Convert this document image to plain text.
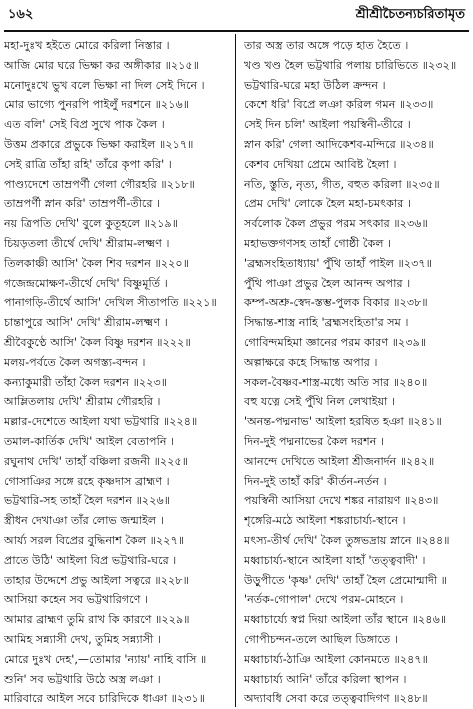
১৬২	শ্রীশ্রীচৈতন্যচরিতামৃত
মহা-দুঃখ হইতে মোরে করিলা নিস্তার ।
আজি মোর ঘরে ভিক্ষা কর অঙ্গীকার ॥২১৫॥
মনোদুঃখে ভুখ বলে ভিক্ষা না দিল সেই দিনে ।
মোর ভাগ্যে পুনরপি পাইলুঁ দরশনে ॥২১৬॥
এত বলি' সেই বিপ্র সুখে পাক কৈল ।
উত্তম প্রকারে প্রভুকে ভিক্ষা করাইল ॥২১৭॥
সেই রাত্রি তাঁহা রহি' তাঁরে কৃপা করি' ।
পাণ্ড্যদেশে তাম্রপর্ণী গেলা গৌরহরি ॥২১৮॥
তাম্রপর্ণী স্নান করি' তাম্রপর্ণী-তীরে ।
নয় ত্রিপতি দেখি' বুলে কুতূহলে ॥২১৯॥
চিয়ড়তলা তীর্থে দেখি' শ্রীরাম-লক্ষ্মণ ।
তিলকাঞ্চী আসি' কৈল শিব দরশন ॥২২০॥
গজেন্দ্রমোক্ষণ-তীর্থে দেখি' বিষ্ণুমূর্তি ।
পানাগড়ি-তীর্থে আসি' দেখিল সীতাপতি ॥২২১॥
চাম্তাপুরে আসি' দেখি' শ্রীরাম-লক্ষ্মণ ।
শ্রীবৈকুণ্ঠে আসি' কৈল বিষ্ণু দরশন ॥২২২॥
মলয়-পর্বতে কৈল অগস্ত্য-বন্দন ।
কন্যাকুমারী তাঁহা কৈল দরশন ॥২২৩॥
আম্লিতলায় দেখি' শ্রীরাম গৌরহরি ।
মল্লার-দেশেতে আইলা যথা ভট্টথারি ॥২২৪॥
তমাল-কার্তিক দেখি' আইল বেতাপনি ।
রঘুনাথ দেখি' তাহাঁ বঞ্চিলা রজনী ॥২২৫॥
গোসাঞির সঙ্গে রহে কৃষ্ণদাস ব্রাহ্মণ ।
ভট্টথারি-সহ তাহাঁ হৈল দরশন ॥২২৬॥
স্ত্রীধন দেখাঞা তাঁর লোভ জন্মাইল ।
আর্য্য সরল বিপ্রের বুদ্ধিনাশ কৈল ॥২২৭॥
প্রাতে উঠি' আইলা বিপ্র ভট্টথারি-ঘরে ।
তাহার উদ্দেশে প্রভু আইলা সত্বরে ॥২২৮॥
আসিয়া কহেন সব ভট্টথারিগণে ।
আমার ব্রাহ্মণ তুমি রাখ কি কারণে ॥২২৯॥
আমিহ সন্ন্যাসী দেখ, তুমিহ সন্ন্যাসী ।
মোরে দুঃখ দেহ',—তোমার 'ন্যায়' নাহি বাসি ॥
শুনি' সব ভট্টথারি উঠে অস্ত্র লঞা ।
মারিবারে আইল সবে চারিদিকে ধাঞা ॥২৩১॥
তার অস্ত্র তার অঙ্গে পড়ে হাত হৈতে ।
খণ্ড খণ্ড হৈল ভট্টথারি পলায় চারিভিতে ॥২৩২॥
ভট্টথারি-ঘরে মহা উঠিল ক্রন্দন ।
কেশে ধরি' বিপ্রে লঞা করিল গমন ॥২৩৩॥
সেই দিন চলি' আইলা পয়স্বিনী-তীরে ।
স্নান করি' গেলা আদিকেশব-মন্দিরে ॥২৩৪॥
কেশব দেখিয়া প্রেমে আবিষ্ট হৈলা ।
নতি, স্তুতি, নৃত্য, গীত, বহুত করিলা ॥২৩৫॥
প্রেম দেখি' লোকে হৈল মহা-চমৎকার ।
সর্বলোক কৈল প্রভুর পরম সৎকার ॥২৩৬॥
মহাভক্তগণসহ তাহাঁ গোষ্ঠী কৈল ।
'ব্রহ্মসংহিতাধ্যায়' পুঁথি তাহাঁ পাইল ॥২৩৭॥
পুঁথি পাঞা প্রভুর হৈল আনন্দ অপার ।
কম্প-অশ্রু-স্বেদ-স্তম্ভ-পুলক বিকার ॥২৩৮॥
সিদ্ধান্ত-শাস্ত্র নাহি 'ব্রহ্মসংহিতা'র সম ।
গোবিন্দমহিমা জ্ঞানের পরম কারণ ॥২৩৯॥
অল্পাক্ষরে কহে সিদ্ধান্ত অপার ।
সকল-বৈষ্ণব-শাস্ত্র-মধ্যে অতি সার ॥২৪০॥
বহু যত্নে সেই পুঁথি নিল লেখাইয়া ।
'অনন্ত-পদ্মনাভ' আইলা হরষিত হঞা ॥২৪১॥
দিন-দুই পদ্মনাভের কৈল দরশন ।
আনন্দে দেখিতে আইলা শ্রীজনার্দন ॥২৪২॥
দিন-দুই তাহাঁ করি' কীর্তন-নর্তন ।
পয়স্বিনী আসিয়া দেখে শঙ্কর নারায়ণ ॥২৪৩॥
শৃঙ্গেরি-মঠে আইলা শঙ্করাচার্য্য-স্থানে ।
মৎস্য-তীর্থ দেখি' কৈল তুঙ্গভদ্রায় স্নানে ॥২৪৪॥
মধ্বাচার্য্য-স্থানে আইলা যাহাঁ 'তত্ত্ববাদী' ।
উড়ুপীতে 'কৃষ্ণ' দেখি' তাহাঁ হৈল প্রেমোন্মাদী ॥
'নর্তক-গোপাল' দেখে পরম-মোহনে ।
মধ্বাচার্য্যে স্বপ্ন দিয়া আইলা তাঁর স্থানে ॥২৪৬॥
গোপীচন্দন-তলে আছিল ডিঙ্গাতে ।
মধ্বাচার্য্য-ঠাঞি আইলা কোনমতে ॥২৪৭॥
মধ্বাচার্য্য আনি' তাঁরে করিলা স্থাপন ।
অদ্যাবধি সেবা করে তত্ত্ববাদিগণ ॥২৪৮॥
